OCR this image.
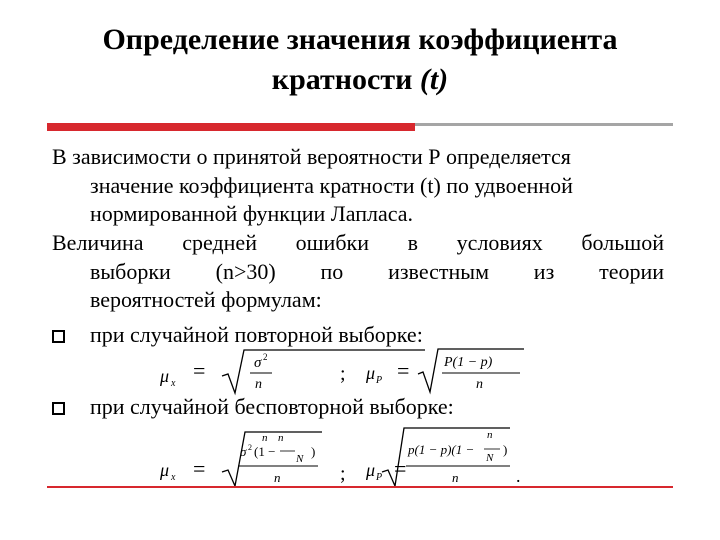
Определение значения коэффициента
кратности (t)
В зависимости о принятой вероятности Р определяется
значение коэффициента кратности (t) по удвоенной
нормированной функции Лапласа.
Величина средней ошибки в условиях большой
выборки (n>30) по известным из теории
вероятностей формулам:
при случайной повторной выборке:
μ x
=	σ 2
n	; μ P = P(1 − p)
n
при случайной бесповторной выборке:
μ x =
n
σ 2 (1 −
n
N )
n	; μ P =
n
p(1 − p)(1 −
N
)
n	.
